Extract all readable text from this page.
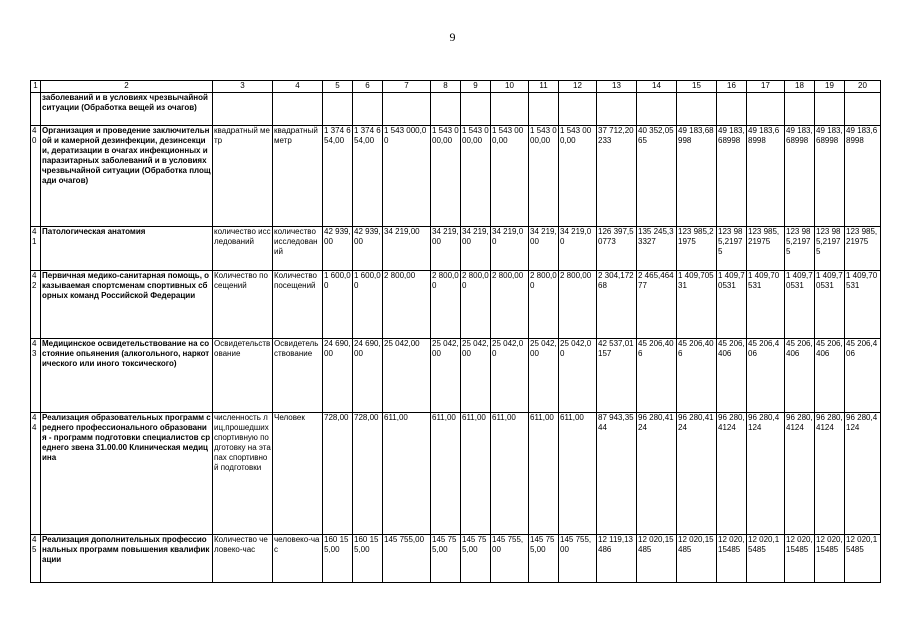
9
1	2	3	4	5	6	7	8	9	10	11	12	13	14	15	16	17	18	19	20
	заболеваний и в условиях чрезвычайной ситуации (Обработка вещей из очагов)																		
40	Организация и проведение заключительной и камерной дезинфекции, дезинсекции, дератизации в очагах инфекционных и паразитарных заболеваний и в условиях чрезвычайной ситуации (Обработка площади очагов)	квадратный метр	квадратный метр	1 374 654,00	1 374 654,00	1 543 000,00	1 543 000,00	1 543 000,00	1 543 000,00	1 543 000,00	1 543 000,00	37 712,20233	40 352,0565	49 183,68998	49 183,68998	49 183,68998	49 183,68998	49 183,68998	49 183,68998
41	Патологическая анатомия	количество исследований	количество исследований	42 939,00	42 939,00	34 219,00	34 219,00	34 219,00	34 219,00	34 219,00	34 219,00	126 397,50773	135 245,33327	123 985,21975	123 985,21975	123 985,21975	123 985,21975	123 985,21975	123 985,21975
42	Первичная медико-санитарная помощь, оказываемая спортсменам спортивных сборных команд Российской Федерации	Количество посещений	Количество посещений	1 600,00	1 600,00	2 800,00	2 800,00	2 800,00	2 800,00	2 800,00	2 800,00	2 304,17268	2 465,46477	1 409,70531	1 409,70531	1 409,70531	1 409,70531	1 409,70531	1 409,70531
43	Медицинское освидетельствование на состояние опьянения (алкогольного, наркотического или иного токсического)	Освидетельствование	Освидетельствование	24 690,00	24 690,00	25 042,00	25 042,00	25 042,00	25 042,00	25 042,00	25 042,00	42 537,01157	45 206,406	45 206,406	45 206,406	45 206,406	45 206,406	45 206,406	45 206,406
44	Реализация образовательных программ среднего профессионального образования - программ подготовки специалистов среднего звена 31.00.00 Клиническая медицина	численность лиц,прошедших спортивную подготовку на этапах спортивной подготовки	Человек	728,00	728,00	611,00	611,00	611,00	611,00	611,00	611,00	87 943,3544	96 280,4124	96 280,4124	96 280,4124	96 280,4124	96 280,4124	96 280,4124	96 280,4124
45	Реализация дополнительных профессиональных программ повышения квалификации	Количество человеко-час	человеко-час	160 155,00	160 155,00	145 755,00	145 755,00	145 755,00	145 755,00	145 755,00	145 755,00	12 119,13486	12 020,15485	12 020,15485	12 020,15485	12 020,15485	12 020,15485	12 020,15485	12 020,15485
